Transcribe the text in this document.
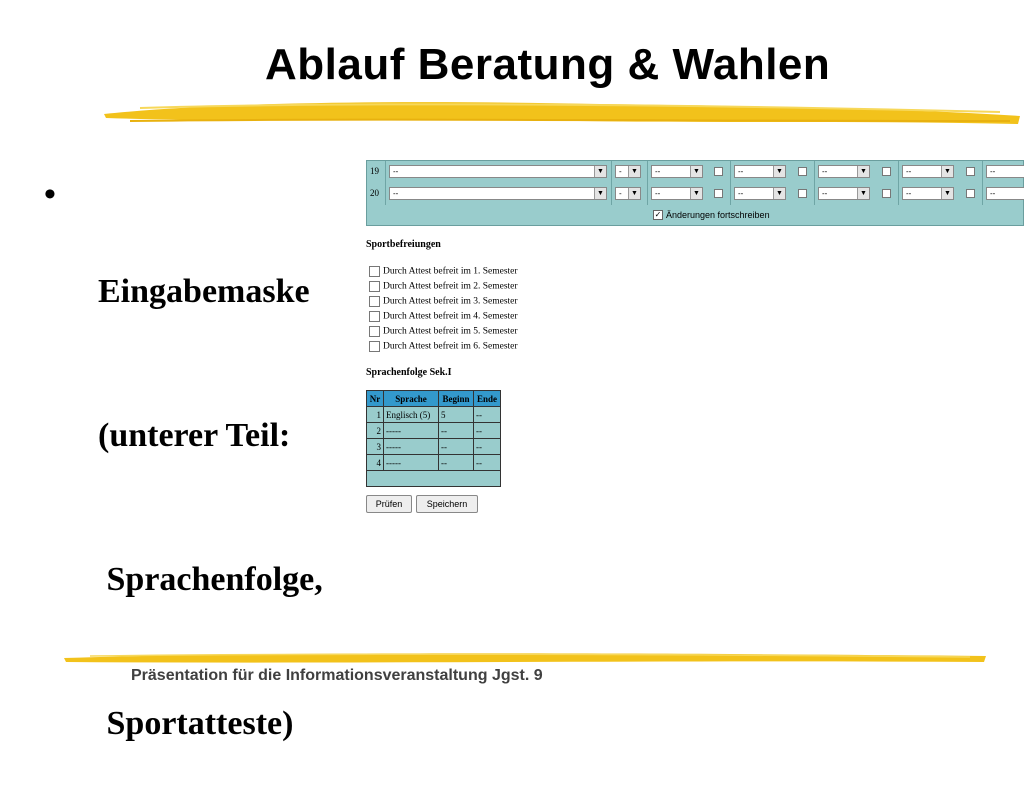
Ablauf Beratung & Wahlen
•

Eingabemaske

(unterer Teil:

Sprachenfolge,

Sportatteste)

19	--	▼	-	▼	--	▼	--	▼	--	▼	--	▼	--
20	--	▼	-	▼	--	▼	--	▼	--	▼	--	▼	--
✓ Änderungen fortschreiben
Sportbefreiungen
Durch Attest befreit im 1. Semester
Durch Attest befreit im 2. Semester
Durch Attest befreit im 3. Semester
Durch Attest befreit im 4. Semester
Durch Attest befreit im 5. Semester
Durch Attest befreit im 6. Semester
Sprachenfolge Sek.I
Nr	Sprache	Beginn	Ende
1	Englisch (5)	5	--
2	-----	--	--
3	-----	--	--
4	-----	--	--

Prüfen	Speichern
Präsentation für die Informationsveranstaltung Jgst. 9
